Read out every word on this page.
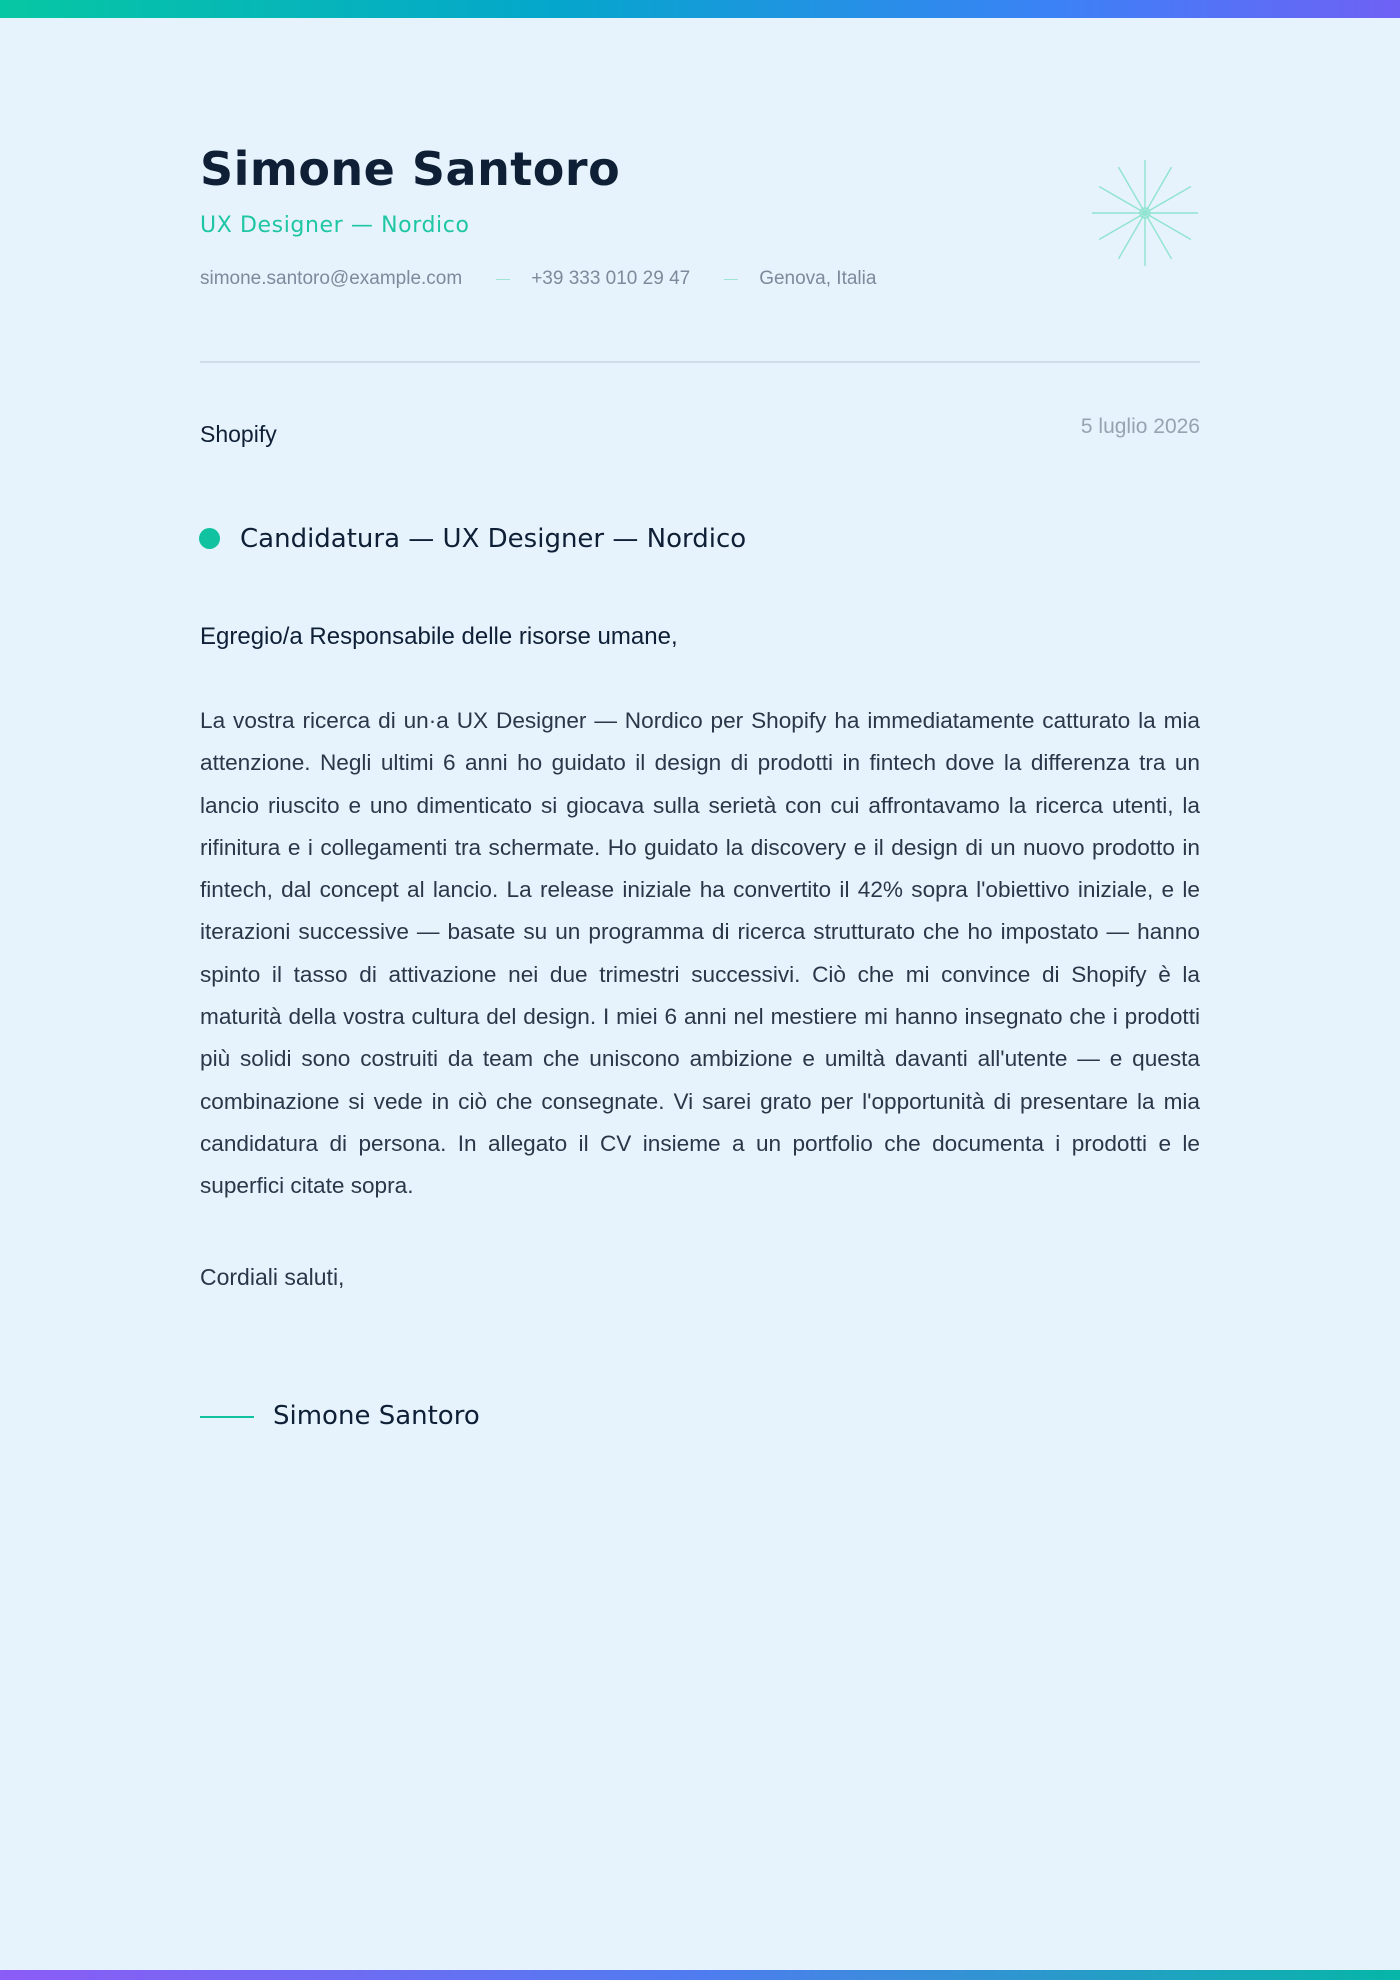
Simone Santoro
UX Designer — Nordico
simone.santoro@example.com	+39 333 010 29 47	Genova, Italia
Shopify	5 luglio 2026
Candidatura — UX Designer — Nordico
Egregio/a Responsabile delle risorse umane,

La vostra ricerca di un·a UX Designer — Nordico per Shopify ha immediatamente catturato la mia attenzione. Negli ultimi 6 anni ho guidato il design di prodotti in fintech dove la differenza tra un lancio riuscito e uno dimenticato si giocava sulla serietà con cui affrontavamo la ricerca utenti, la rifinitura e i collegamenti tra schermate. Ho guidato la discovery e il design di un nuovo prodotto in fintech, dal concept al lancio. La release iniziale ha convertito il 42% sopra l'obiettivo iniziale, e le iterazioni successive — basate su un programma di ricerca strutturato che ho impostato — hanno spinto il tasso di attivazione nei due trimestri successivi. Ciò che mi convince di Shopify è la maturità della vostra cultura del design. I miei 6 anni nel mestiere mi hanno insegnato che i prodotti più solidi sono costruiti da team che uniscono ambizione e umiltà davanti all'utente — e questa combinazione si vede in ciò che consegnate. Vi sarei grato per l'opportunità di presentare la mia candidatura di persona. In allegato il CV insieme a un portfolio che documenta i prodotti e le superfici citate sopra.

Cordiali saluti,
Simone Santoro
